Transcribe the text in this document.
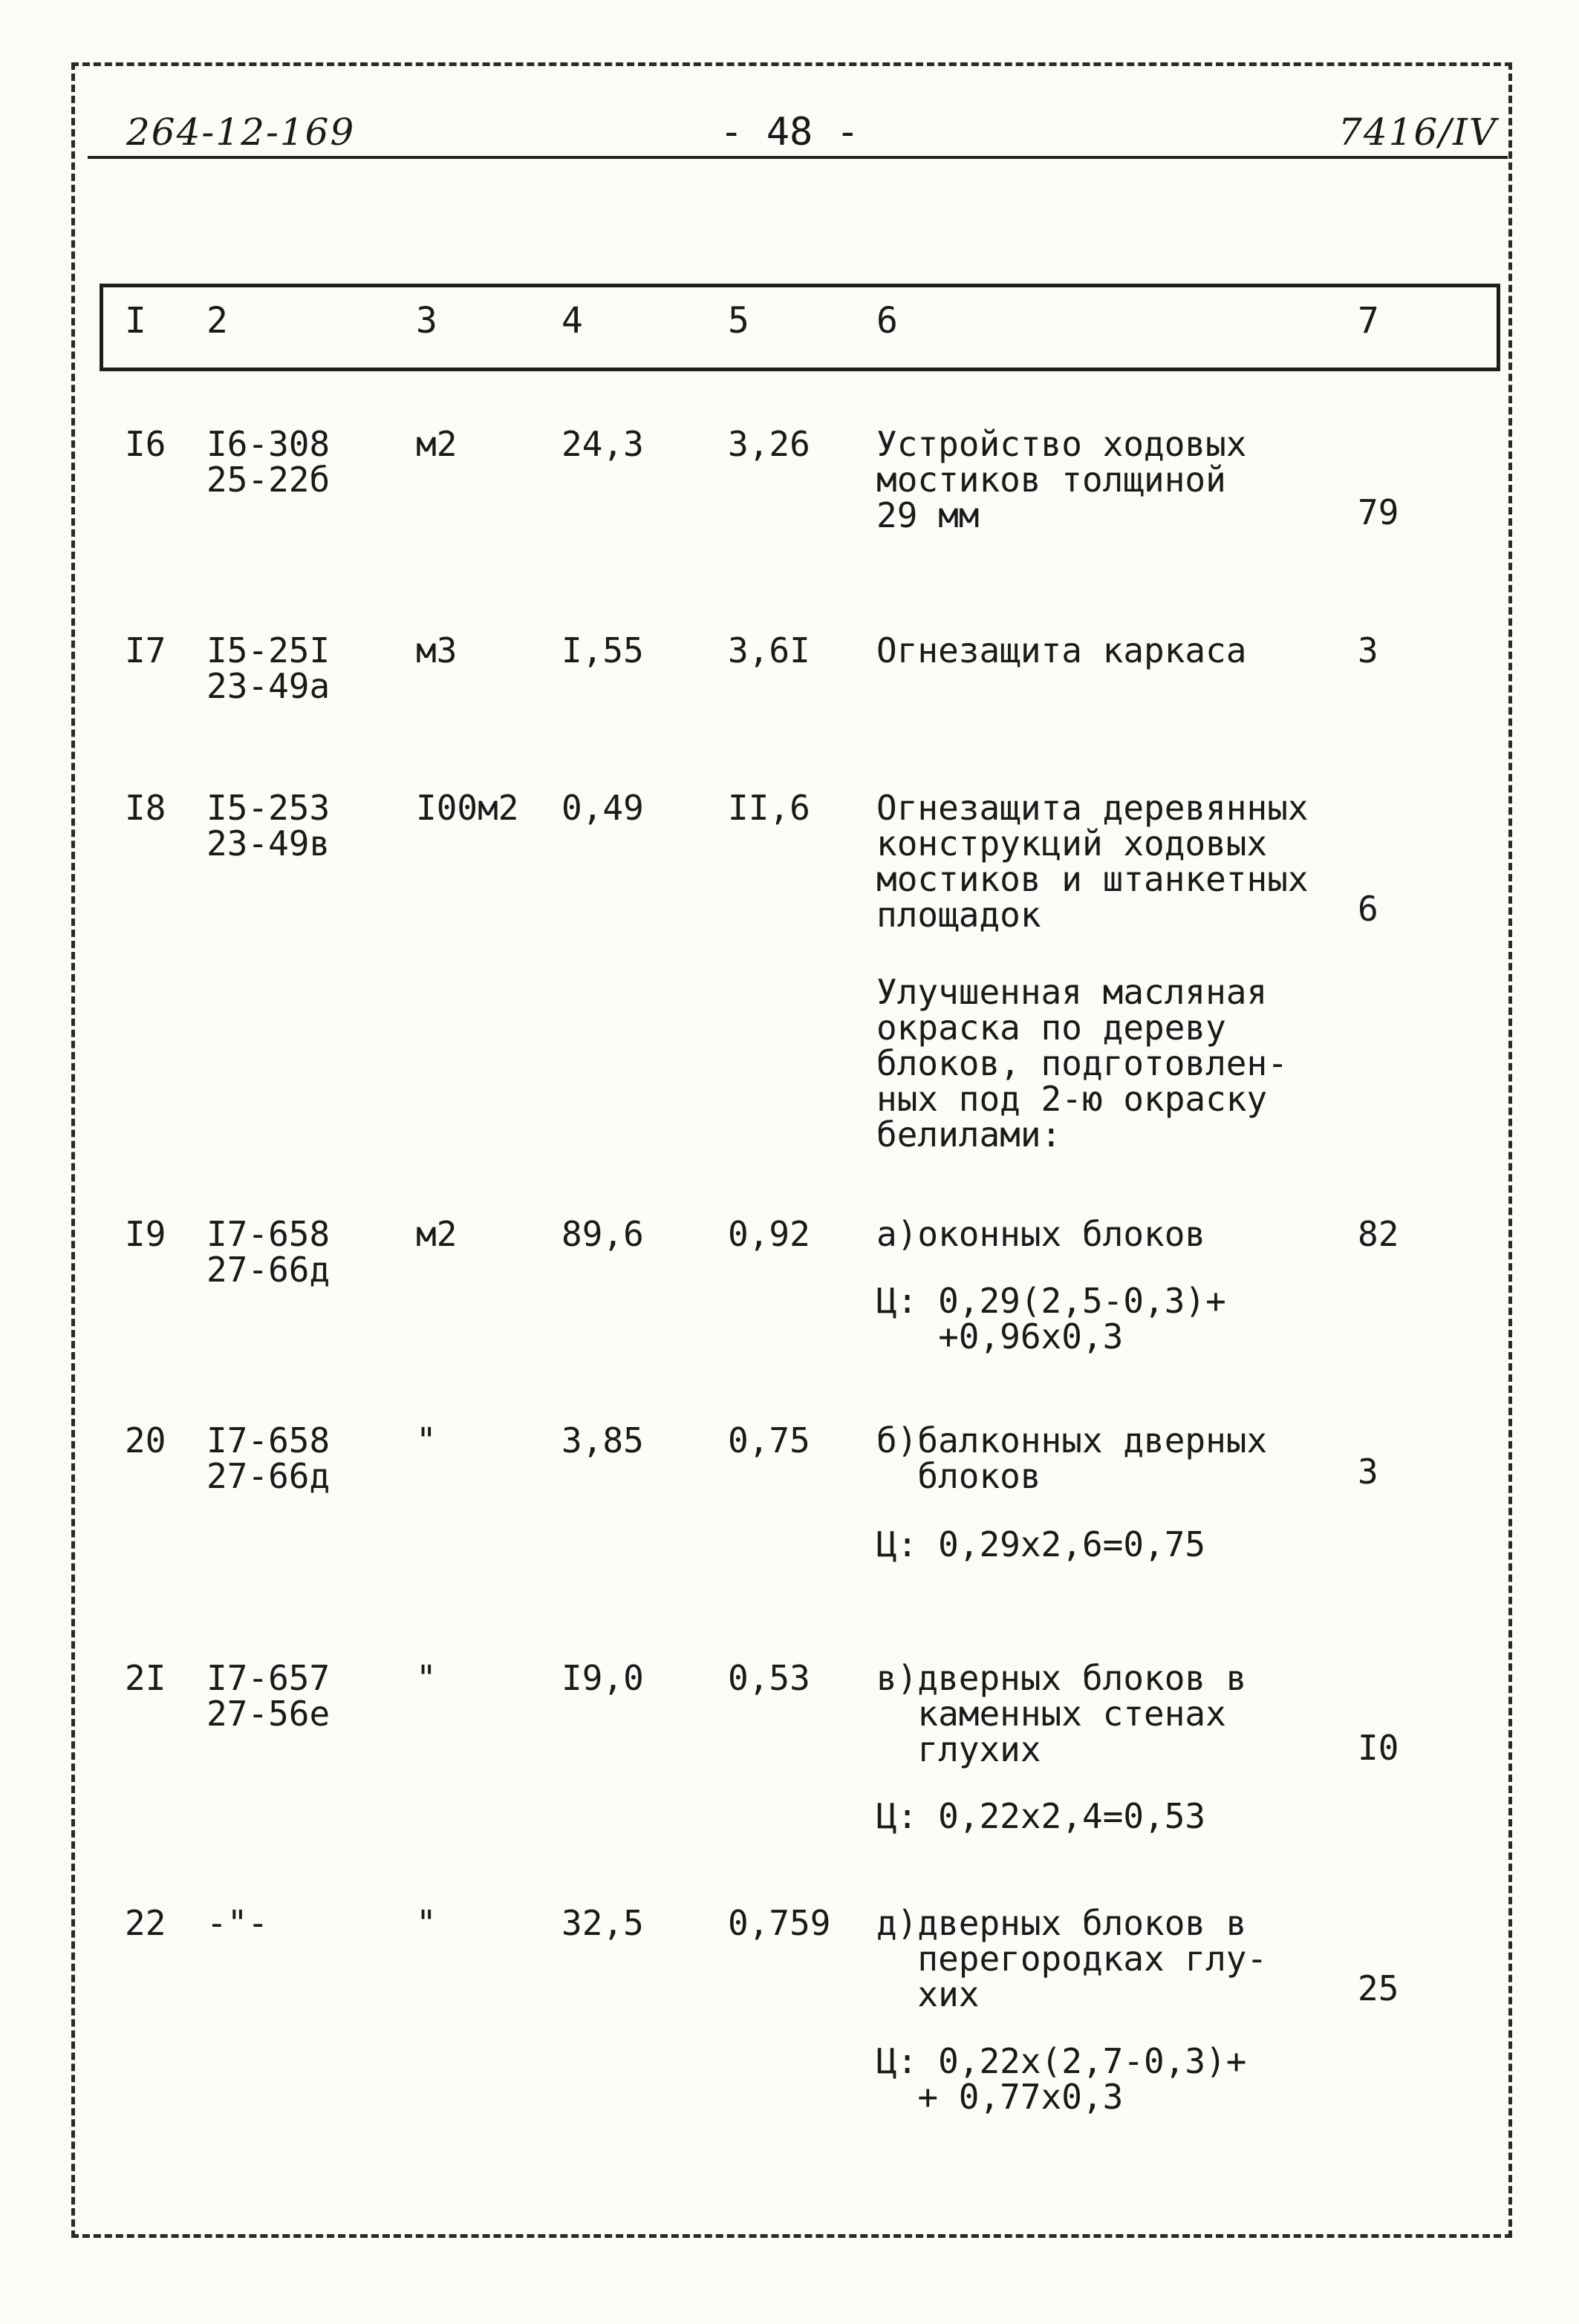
264-12-169	- 48 -	7416/IV
I 2	3	4	5	6	7
I6 I6-308
25-22б
м2	24,3 3,26 Устройство ходовых
мостиков толщиной
29 мм	79
I7 I5-25I
23-49а
м3	I,55 3,6I Огнезащита каркаса	3
I8 I5-253
23-49в
I00м2 0,49 II,6 Огнезащита деревянных
конструкций ходовых
мостиков и штанкетных
площадок	6
Улучшенная масляная
окраска по дереву
блоков, подготовлен-
ных под 2-ю окраску
белилами:
I9 I7-658
27-66д
м2	89,6 0,92 а)оконных блоков	82
Ц: 0,29(2,5-0,3)+
+0,96х0,3
20 I7-658
27-66д
"	3,85 0,75 б)балконных дверных
блоков	3
Ц: 0,29х2,6=0,75
2I I7-657
27-56е
"	I9,0 0,53 в)дверных блоков в
каменных стенах
глухих	I0
Ц: 0,22х2,4=0,53
22 -"-	"	32,5 0,759 д)дверных блоков в
перегородках глу-
хих	25
Ц: 0,22х(2,7-0,3)+
+ 0,77х0,3
